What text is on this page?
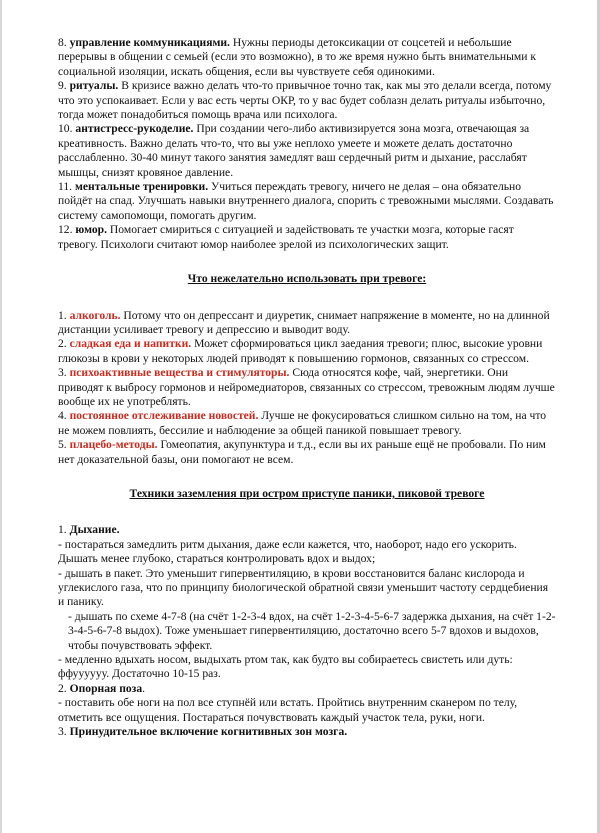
8. управление коммуникациями. Нужны периоды детоксикации от соцсетей и небольшие перерывы в общении с семьей (если это возможно), в то же время нужно быть внимательными к социальной изоляции, искать общения, если вы чувствуете себя одинокими.

9. ритуалы. В кризисе важно делать что-то привычное точно так, как мы это делали всегда, потому что это успокаивает. Если у вас есть черты ОКР, то у вас будет соблазн делать ритуалы избыточно, тогда может понадобиться помощь врача или психолога.

10. антистресс-рукоделие. При создании чего-либо активизируется зона мозга, отвечающая за креативность. Важно делать что-то, что вы уже неплохо умеете и можете делать достаточно расслабленно. 30-40 минут такого занятия замедлят ваш сердечный ритм и дыхание, расслабят мышцы, снизят кровяное давление.

11. ментальные тренировки. Учиться переждать тревогу, ничего не делая – она обязательно пойдёт на спад. Улучшать навыки внутреннего диалога, спорить с тревожными мыслями. Создавать систему самопомощи, помогать другим.

12. юмор. Помогает смириться с ситуацией и задействовать те участки мозга, которые гасят тревогу. Психологи считают юмор наиболее зрелой из психологических защит.

Что нежелательно использовать при тревоге:

1. алкоголь. Потому что он депрессант и диуретик, снимает напряжение в моменте, но на длинной дистанции усиливает тревогу и депрессию и выводит воду.

2. сладкая еда и напитки. Может сформироваться цикл заедания тревоги; плюс, высокие уровни глюкозы в крови у некоторых людей приводят к повышению гормонов, связанных со стрессом.

3. психоактивные вещества и стимуляторы. Сюда относятся кофе, чай, энергетики. Они приводят к выбросу гормонов и нейромедиаторов, связанных со стрессом, тревожным людям лучше вообще их не употреблять.

4. постоянное отслеживание новостей. Лучше не фокусироваться слишком сильно на том, на что не можем повлиять, бессилие и наблюдение за общей паникой повышает тревогу.

5. плацебо-методы. Гомеопатия, акупунктура и т.д., если вы их раньше ещё не пробовали. По ним нет доказательной базы, они помогают не всем.

Техники заземления при остром приступе паники, пиковой тревоге

1. Дыхание.

- постараться замедлить ритм дыхания, даже если кажется, что, наоборот, надо его ускорить. Дышать менее глубоко, стараться контролировать вдох и выдох;

- дышать в пакет. Это уменьшит гипервентиляцию, в крови восстановится баланс кислорода и углекислого газа, что по принципу биологической обратной связи уменьшит частоту сердцебиения и панику.

- дышать по схеме 4-7-8 (на счёт 1-2-3-4 вдох, на счёт 1-2-3-4-5-6-7 задержка дыхания, на счёт 1-2-3-4-5-6-7-8 выдох). Тоже уменьшает гипервентиляцию, достаточно всего 5-7 вдохов и выдохов, чтобы почувствовать эффект.

- медленно вдыхать носом, выдыхать ртом так, как будто вы собираетесь свистеть или дуть: ффуууууу. Достаточно 10-15 раз.

2. Опорная поза.

- поставить обе ноги на пол все ступнёй или встать. Пройтись внутренним сканером по телу, отметить все ощущения. Постараться почувствовать каждый участок тела, руки, ноги.

3. Принудительное включение когнитивных зон мозга.
